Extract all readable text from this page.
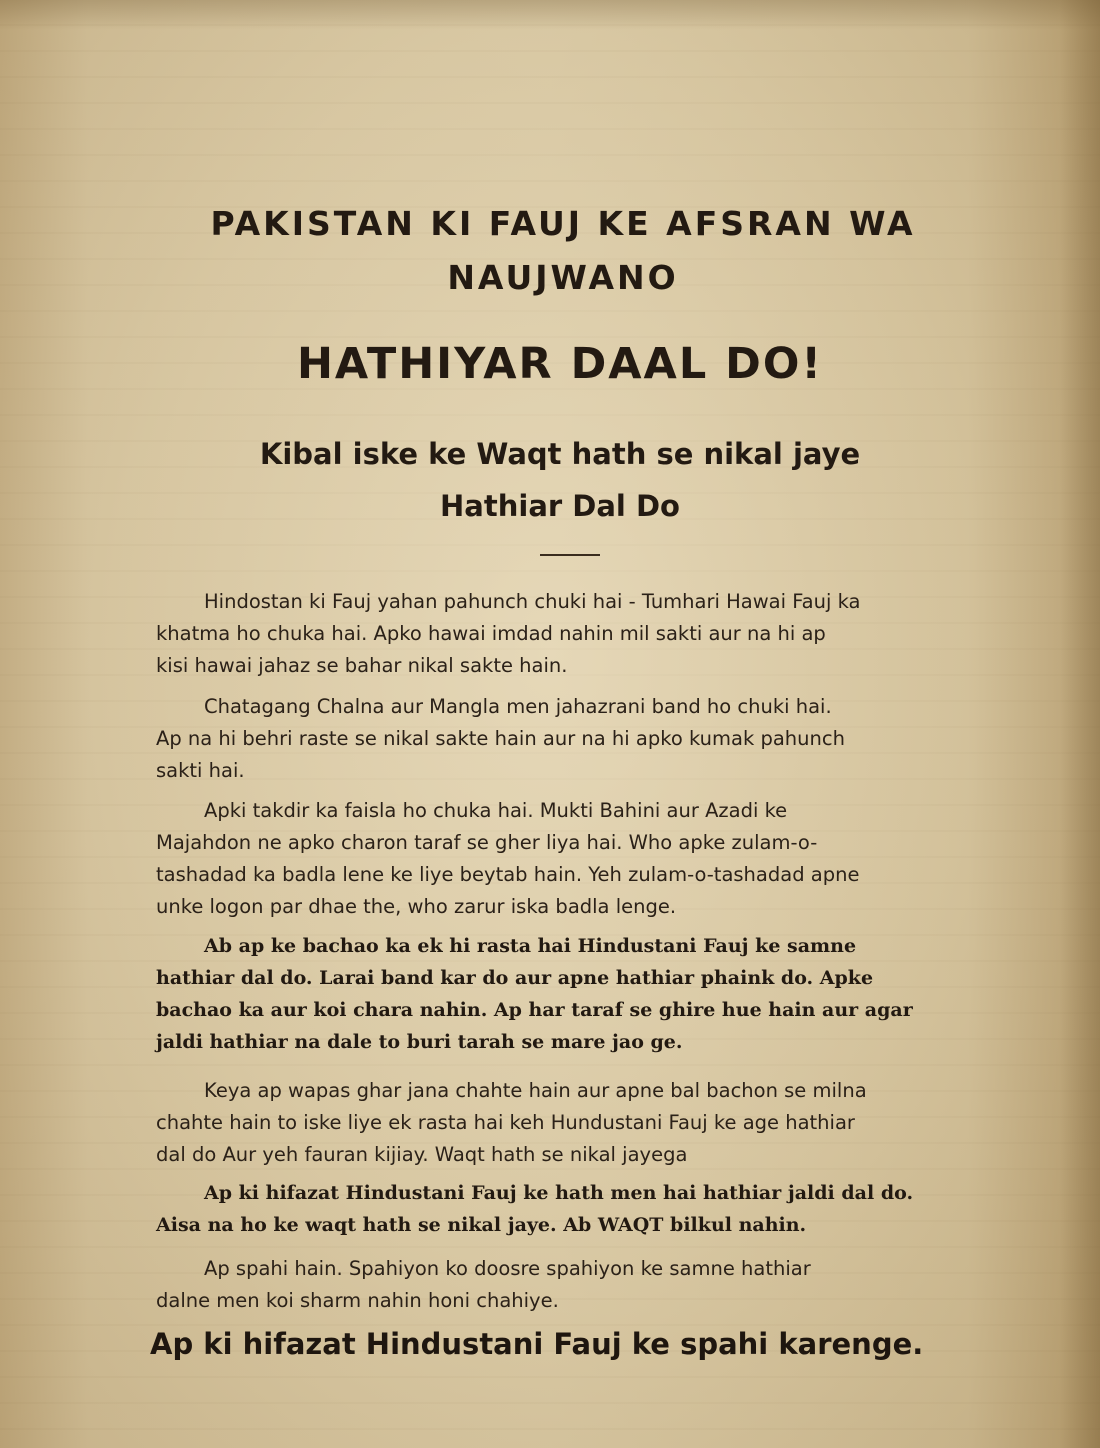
PAKISTAN KI FAUJ KE AFSRAN WA
NAUJWANO
HATHIYAR DAAL DO!
Kibal iske ke Waqt hath se nikal jaye
Hathiar Dal Do
Hindostan ki Fauj yahan pahunch chuki hai - Tumhari Hawai Fauj ka
khatma ho chuka hai. Apko hawai imdad nahin mil sakti aur na hi ap
kisi hawai jahaz se bahar nikal sakte hain.
Chatagang Chalna aur Mangla men jahazrani band ho chuki hai.
Ap na hi behri raste se nikal sakte hain aur na hi apko kumak pahunch
sakti hai.
Apki takdir ka faisla ho chuka hai. Mukti Bahini aur Azadi ke
Majahdon ne apko charon taraf se gher liya hai. Who apke zulam-o-
tashadad ka badla lene ke liye beytab hain. Yeh zulam-o-tashadad apne
unke logon par dhae the, who zarur iska badla lenge.
Ab ap ke bachao ka ek hi rasta hai Hindustani Fauj ke samne
hathiar dal do. Larai band kar do aur apne hathiar phaink do. Apke
bachao ka aur koi chara nahin. Ap har taraf se ghire hue hain aur agar
jaldi hathiar na dale to buri tarah se mare jao ge.
Keya ap wapas ghar jana chahte hain aur apne bal bachon se milna
chahte hain to iske liye ek rasta hai keh Hundustani Fauj ke age hathiar
dal do Aur yeh fauran kijiay. Waqt hath se nikal jayega
Ap ki hifazat Hindustani Fauj ke hath men hai hathiar jaldi dal do.
Aisa na ho ke waqt hath se nikal jaye. Ab WAQT bilkul nahin.
Ap spahi hain. Spahiyon ko doosre spahiyon ke samne hathiar
dalne men koi sharm nahin honi chahiye.
Ap ki hifazat Hindustani Fauj ke spahi karenge.
